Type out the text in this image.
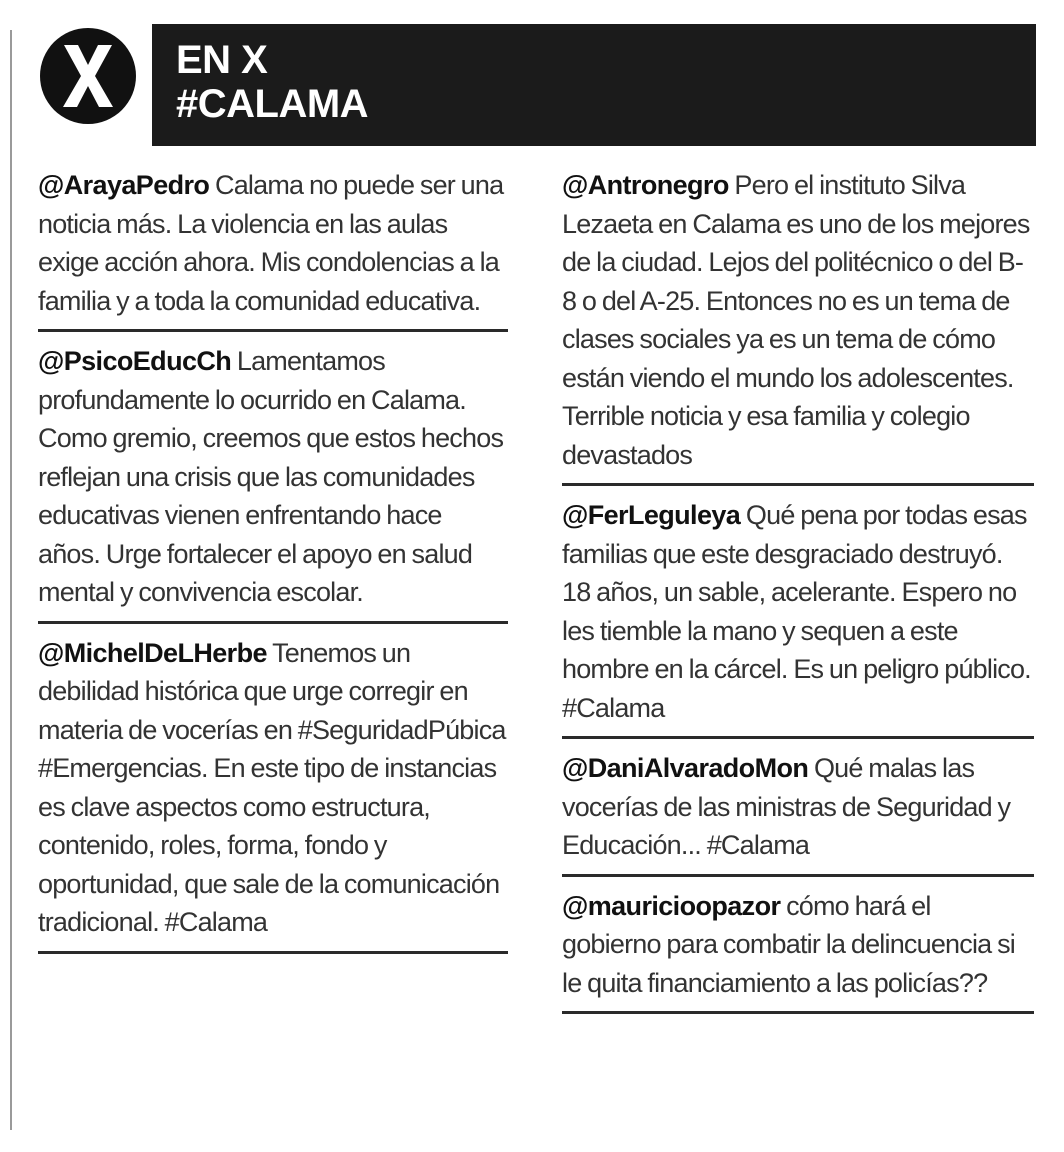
EN X
#CALAMA
@ArayaPedro Calama no puede ser una noticia más. La violencia en las aulas exige acción ahora. Mis condolencias a la familia y a toda la comunidad educativa.
@PsicoEducCh Lamentamos profundamente lo ocurrido en Calama. Como gremio, creemos que estos hechos reflejan una crisis que las comunidades educativas vienen enfrentando hace años. Urge fortalecer el apoyo en salud mental y convivencia escolar.
@MichelDeLHerbe Tenemos un debilidad histórica que urge corregir en materia de vocerías en #SeguridadPúbica #Emergencias. En este tipo de instancias es clave aspectos como estructura, contenido, roles, forma, fondo y oportunidad, que sale de la comunicación tradicional. #Calama
@Antronegro Pero el instituto Silva Lezaeta en Calama es uno de los mejores de la ciudad. Lejos del politécnico o del B-8 o del A-25. Entonces no es un tema de clases sociales ya es un tema de cómo están viendo el mundo los adolescentes. Terrible noticia y esa familia y colegio devastados
@FerLeguleya Qué pena por todas esas familias que este desgraciado destruyó. 18 años, un sable, acelerante. Espero no les tiemble la mano y sequen a este hombre en la cárcel. Es un peligro público. #Calama
@DaniAlvaradoMon Qué malas las vocerías de las ministras de Seguridad y Educación... #Calama
@mauricioopazor cómo hará el gobierno para combatir la delincuencia si le quita financiamiento a las policías??
